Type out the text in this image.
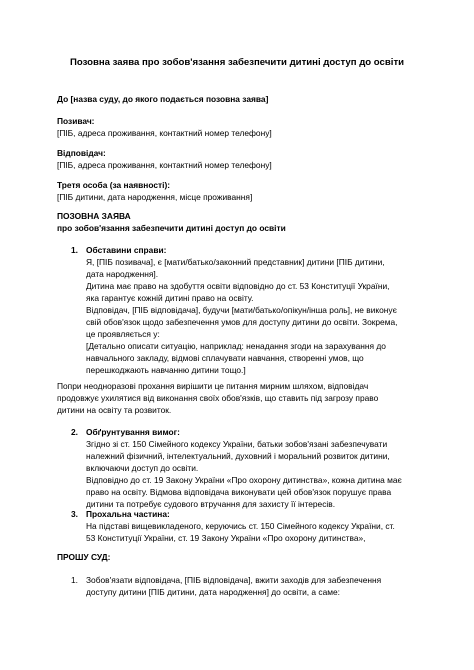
Позовна заява про зобов'язання забезпечити дитині доступ до освіти
До [назва суду, до якого подається позовна заява]
Позивач:
[ПІБ, адреса проживання, контактний номер телефону]
Відповідач:
[ПІБ, адреса проживання, контактний номер телефону]
Третя особа (за наявності):
[ПІБ дитини, дата народження, місце проживання]
ПОЗОВНА ЗАЯВА
про зобов'язання забезпечити дитині доступ до освіти
1. Обставини справи:
Я, [ПІБ позивача], є [мати/батько/законний представник] дитини [ПІБ дитини,
дата народження].
Дитина має право на здобуття освіти відповідно до ст. 53 Конституції України,
яка гарантує кожній дитині право на освіту.
Відповідач, [ПІБ відповідача], будучи [мати/батько/опікун/інша роль], не виконує
свій обов'язок щодо забезпечення умов для доступу дитини до освіти. Зокрема,
це проявляється у:
[Детально описати ситуацію, наприклад: ненадання згоди на зарахування до
навчального закладу, відмові сплачувати навчання, створенні умов, що
перешкоджають навчанню дитини тощо.]
Попри неодноразові прохання вирішити це питання мирним шляхом, відповідач
продовжує ухилятися від виконання своїх обов'язків, що ставить під загрозу право
дитини на освіту та розвиток.
2. Обґрунтування вимог:
Згідно зі ст. 150 Сімейного кодексу України, батьки зобов'язані забезпечувати
належний фізичний, інтелектуальний, духовний і моральний розвиток дитини,
включаючи доступ до освіти.
Відповідно до ст. 19 Закону України «Про охорону дитинства», кожна дитина має
право на освіту. Відмова відповідача виконувати цей обов'язок порушує права
дитини та потребує судового втручання для захисту її інтересів.
3. Прохальна частина:
На підставі вищевикладеного, керуючись ст. 150 Сімейного кодексу України, ст.
53 Конституції України, ст. 19 Закону України «Про охорону дитинства»,
ПРОШУ СУД:
1. Зобов'язати відповідача, [ПІБ відповідача], вжити заходів для забезпечення
доступу дитини [ПІБ дитини, дата народження] до освіти, а саме:
